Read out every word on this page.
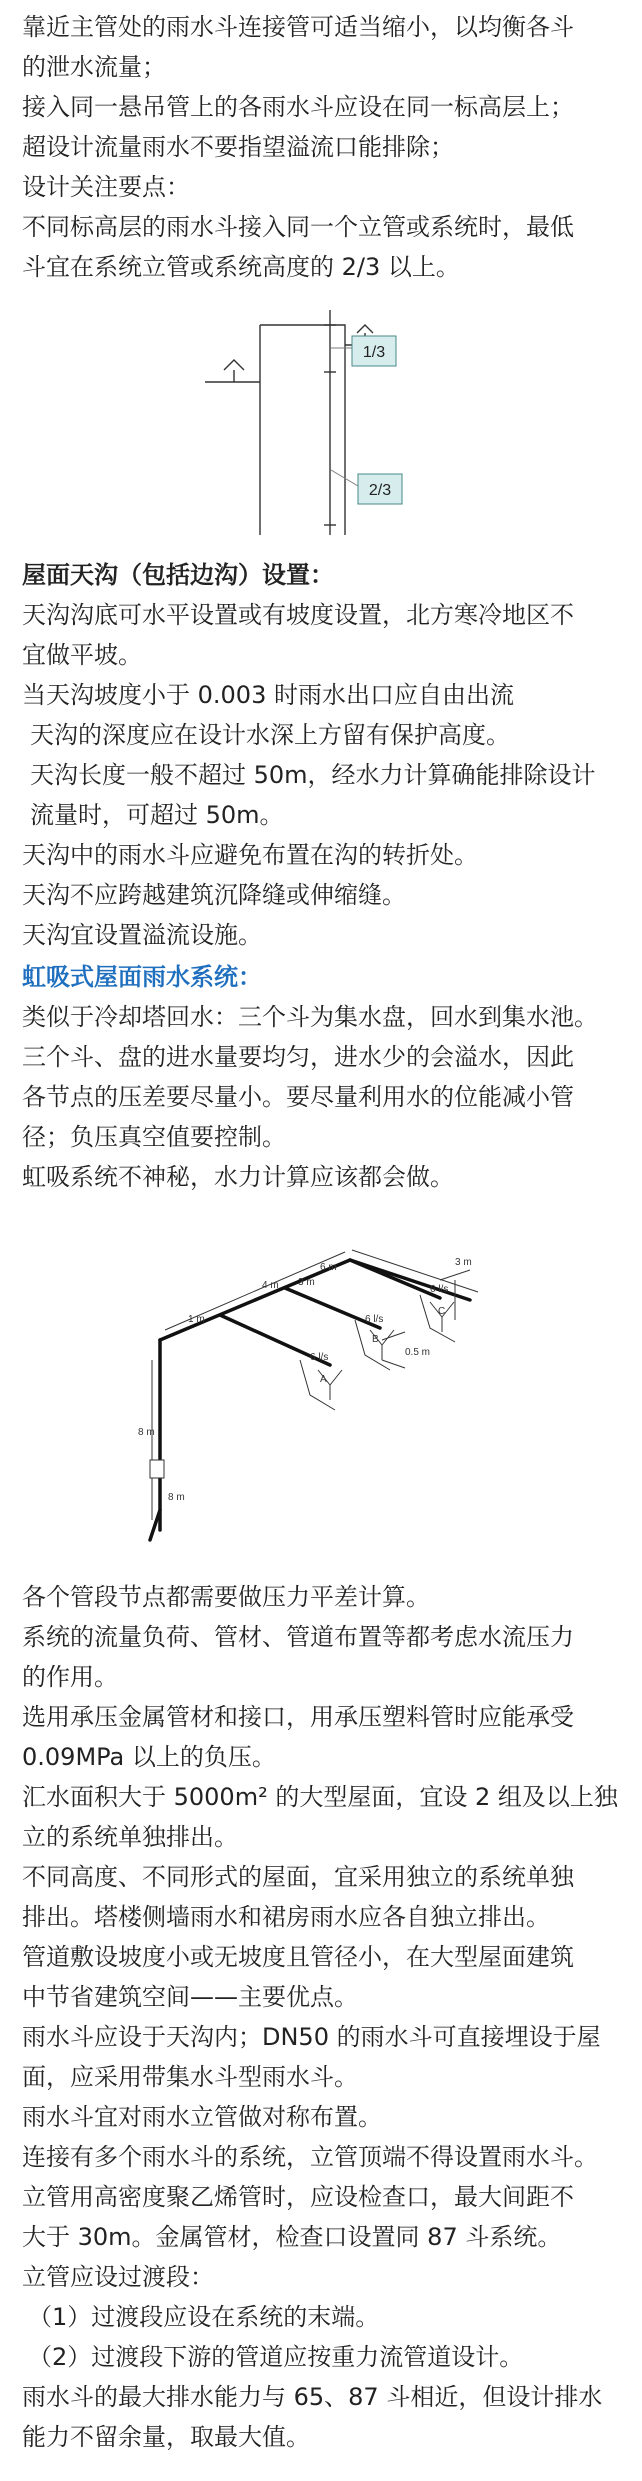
靠近主管处的雨水斗连接管可适当缩小，以均衡各斗
的泄水流量；
接入同一悬吊管上的各雨水斗应设在同一标高层上；
超设计流量雨水不要指望溢流口能排除；
设计关注要点：
不同标高层的雨水斗接入同一个立管或系统时，最低
斗宜在系统立管或系统高度的 2/3 以上。
1/3
2/3
屋面天沟（包括边沟）设置：
天沟沟底可水平设置或有坡度设置，北方寒冷地区不
宜做平坡。
当天沟坡度小于 0.003 时雨水出口应自由出流
天沟的深度应在设计水深上方留有保护高度。
天沟长度一般不超过 50m，经水力计算确能排除设计
流量时，可超过 50m。
天沟中的雨水斗应避免布置在沟的转折处。
天沟不应跨越建筑沉降缝或伸缩缝。
天沟宜设置溢流设施。
虹吸式屋面雨水系统：
类似于冷却塔回水：三个斗为集水盘，回水到集水池。
三个斗、盘的进水量要均匀，进水少的会溢水，因此
各节点的压差要尽量小。要尽量利用水的位能减小管
径；负压真空值要控制。
虹吸系统不神秘，水力计算应该都会做。
8 m
1 m
4 m
3 m
6 m
3 m
0.5 m
6 l/s
6 l/s
6 l/s
A
B
C
8 m
各个管段节点都需要做压力平差计算。
系统的流量负荷、管材、管道布置等都考虑水流压力
的作用。
选用承压金属管材和接口，用承压塑料管时应能承受
0.09MPa 以上的负压。
汇水面积大于 5000m² 的大型屋面，宜设 2 组及以上独
立的系统单独排出。
不同高度、不同形式的屋面，宜采用独立的系统单独
排出。塔楼侧墙雨水和裙房雨水应各自独立排出。
管道敷设坡度小或无坡度且管径小，在大型屋面建筑
中节省建筑空间——主要优点。
雨水斗应设于天沟内；DN50 的雨水斗可直接埋设于屋
面，应采用带集水斗型雨水斗。
雨水斗宜对雨水立管做对称布置。
连接有多个雨水斗的系统，立管顶端不得设置雨水斗。
立管用高密度聚乙烯管时，应设检查口，最大间距不
大于 30m。金属管材，检查口设置同 87 斗系统。
立管应设过渡段：
（1）过渡段应设在系统的末端。
（2）过渡段下游的管道应按重力流管道设计。
雨水斗的最大排水能力与 65、87 斗相近，但设计排水
能力不留余量，取最大值。
